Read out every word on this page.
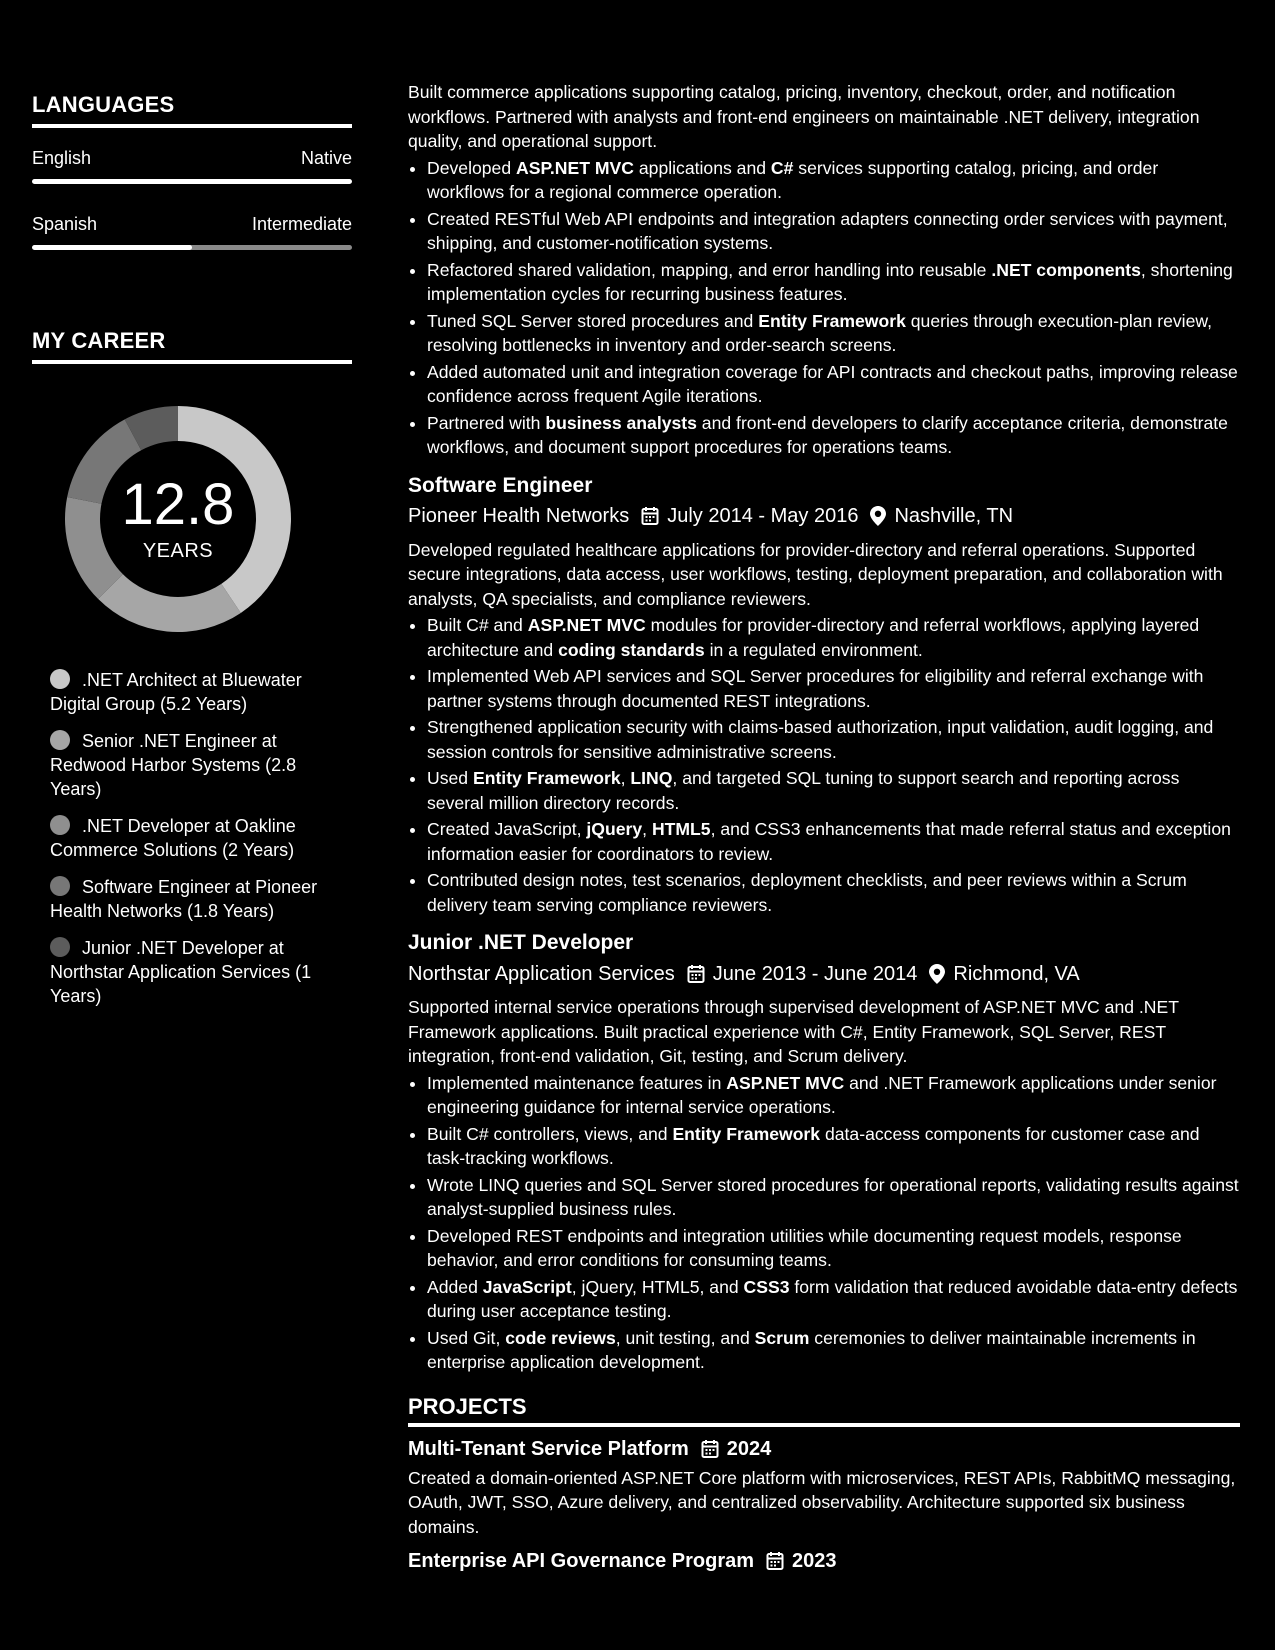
LANGUAGES
English	Native
Spanish	Intermediate
MY CAREER
12.8
YEARS
.NET Architect at Bluewater Digital Group (5.2 Years)
Senior .NET Engineer at Redwood Harbor Systems (2.8 Years)
.NET Developer at Oakline Commerce Solutions (2 Years)
Software Engineer at Pioneer Health Networks (1.8 Years)
Junior .NET Developer at Northstar Application Services (1 Years)

Built commerce applications supporting catalog, pricing, inventory, checkout, order, and notification workflows. Partnered with analysts and front-end engineers on maintainable .NET delivery, integration quality, and operational support.

• Developed ASP.NET MVC applications and C# services supporting catalog, pricing, and order workflows for a regional commerce operation.
• Created RESTful Web API endpoints and integration adapters connecting order services with payment, shipping, and customer-notification systems.
• Refactored shared validation, mapping, and error handling into reusable .NET components, shortening implementation cycles for recurring business features.
• Tuned SQL Server stored procedures and Entity Framework queries through execution-plan review, resolving bottlenecks in inventory and order-search screens.
• Added automated unit and integration coverage for API contracts and checkout paths, improving release confidence across frequent Agile iterations.
• Partnered with business analysts and front-end developers to clarify acceptance criteria, demonstrate workflows, and document support procedures for operations teams.
Software Engineer
Pioneer Health Networks July 2014 - May 2016 Nashville, TN

Developed regulated healthcare applications for provider-directory and referral operations. Supported secure integrations, data access, user workflows, testing, deployment preparation, and collaboration with analysts, QA specialists, and compliance reviewers.

• Built C# and ASP.NET MVC modules for provider-directory and referral workflows, applying layered architecture and coding standards in a regulated environment.
• Implemented Web API services and SQL Server procedures for eligibility and referral exchange with partner systems through documented REST integrations.
• Strengthened application security with claims-based authorization, input validation, audit logging, and session controls for sensitive administrative screens.
• Used Entity Framework, LINQ, and targeted SQL tuning to support search and reporting across several million directory records.
• Created JavaScript, jQuery, HTML5, and CSS3 enhancements that made referral status and exception information easier for coordinators to review.
• Contributed design notes, test scenarios, deployment checklists, and peer reviews within a Scrum delivery team serving compliance reviewers.
Junior .NET Developer
Northstar Application Services June 2013 - June 2014 Richmond, VA

Supported internal service operations through supervised development of ASP.NET MVC and .NET Framework applications. Built practical experience with C#, Entity Framework, SQL Server, REST integration, front-end validation, Git, testing, and Scrum delivery.

• Implemented maintenance features in ASP.NET MVC and .NET Framework applications under senior engineering guidance for internal service operations.
• Built C# controllers, views, and Entity Framework data-access components for customer case and task-tracking workflows.
• Wrote LINQ queries and SQL Server stored procedures for operational reports, validating results against analyst-supplied business rules.
• Developed REST endpoints and integration utilities while documenting request models, response behavior, and error conditions for consuming teams.
• Added JavaScript, jQuery, HTML5, and CSS3 form validation that reduced avoidable data-entry defects during user acceptance testing.
• Used Git, code reviews, unit testing, and Scrum ceremonies to deliver maintainable increments in enterprise application development.
PROJECTS
Multi-Tenant Service Platform 2024

Created a domain-oriented ASP.NET Core platform with microservices, REST APIs, RabbitMQ messaging, OAuth, JWT, SSO, Azure delivery, and centralized observability. Architecture supported six business domains.

Enterprise API Governance Program 2023
